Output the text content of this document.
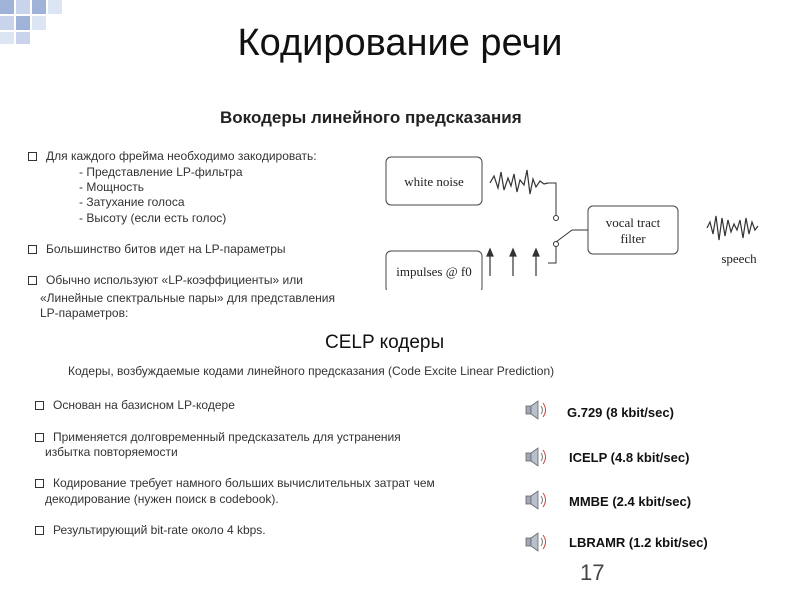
Кодирование речи
Вокодеры линейного предсказания
Для каждого фрейма необходимо закодировать:
- Представление LP-фильтра
- Мощность
- Затухание голоса
- Высоту (если есть голос)
Большинство битов идет на LP-параметры
Обычно используют «LP-коэффициенты» или
«Линейные спектральные пары» для представления
LP-параметров:
white noise
impulses @ f0
vocal tract
filter
speech
CELP кодеры
Кодеры, возбуждаемые кодами линейного предсказания (Code Excite Linear Prediction)
Основан на базисном LP-кодере
Применяется долговременный предсказатель для устранения
избытка повторяемости
Кодирование требует намного больших вычислительных затрат чем
декодирование (нужен поиск в codebook).
Результирующий bit-rate около 4 kbps.
G.729 (8 kbit/sec)
ICELP (4.8 kbit/sec)
MMBE (2.4 kbit/sec)
LBRAMR (1.2 kbit/sec)
17
